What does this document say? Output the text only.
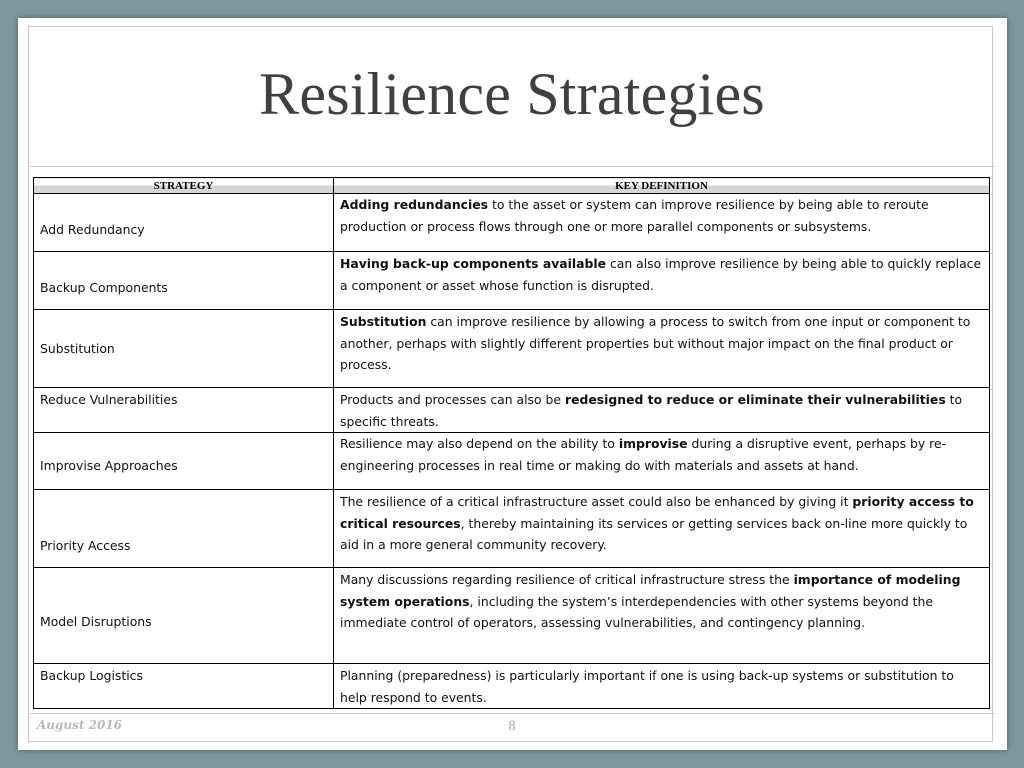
Resilience Strategies
STRATEGY	KEY DEFINITION
Add Redundancy	Adding redundancies to the asset or system can improve resilience by being able to reroute production or process flows through one or more parallel components or subsystems.
Backup Components	Having back-up components available can also improve resilience by being able to quickly replace a component or asset whose function is disrupted.
Substitution	Substitution can improve resilience by allowing a process to switch from one input or component to another, perhaps with slightly different properties but without major impact on the final product or process.
Reduce Vulnerabilities	Products and processes can also be redesigned to reduce or eliminate their vulnerabilities to specific threats.
Improvise Approaches	Resilience may also depend on the ability to improvise during a disruptive event, perhaps by re-engineering processes in real time or making do with materials and assets at hand.
Priority Access	The resilience of a critical infrastructure asset could also be enhanced by giving it priority access to critical resources, thereby maintaining its services or getting services back on-line more quickly to aid in a more general community recovery.
Model Disruptions	Many discussions regarding resilience of critical infrastructure stress the importance of modeling system operations, including the system’s interdependencies with other systems beyond the immediate control of operators, assessing vulnerabilities, and contingency planning.
Backup Logistics	Planning (preparedness) is particularly important if one is using back-up systems or substitution to help respond to events.
August 2016	8
